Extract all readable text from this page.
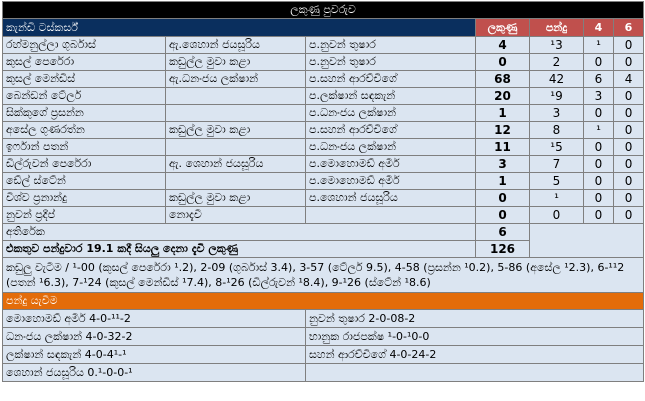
ලකුණු පුවරුව						
කැන්ඩි ටස්කර්ස්			ලකුණු	පන්දු	4	6
රහ්මනුල්ලා ගුර්බාස්	ඇ.ශෙහාන් ජයසූරිය	ප.නුවන් තුෂාර	4	¹3	¹	0
කුසල් පෙරේරා	කඩුල්ල මුවා කළා	ප.නුවන් තුෂාර	0	2	0	0
කුසල් මෙන්ඩිස්	ඇ.ධනංජය ලක්ෂාන්	ප.සහන් ආරච්චිගේ	68	42	6	4
බෙන්ඩන් ටේලර්		ප.ලක්ෂාන් සඳකැන්	20	¹9	3	0
සික්කුගේ ප්‍රසන්න		ප.ධනංජය ලක්ෂාන්	1	3	0	0
අසේල ගුණරත්න	කඩුල්ල මුවා කළා	ප.සහන් ආරච්චිගේ	12	8	¹	0
ඉර්ෆාන් පතන්		ප.ධනංජය ලක්ෂාන්	11	¹5	0	0
ඩිල්රුවන් පෙරේරා	ඇ. ශෙහාන් ජයසූරිය	ප.මොහොමඩ් අමීර්	3	7	0	0
ඩේල් ස්ටේන්		ප.මොහොමඩ් අමීර්	1	5	0	0
විශ්ව ප්‍රනාන්දු	කඩුල්ල මුවා කළා	ප.ශෙහාන් ජයසූරිය	0	¹	0	0
නුවන් ප්‍රදීප්	නොදැවී		0	0	0	0
අතිරේක			6			
එකතුව පන්දුවාර 19.1 කදී සියලු දෙනා දැවී ලකුණු			126			
කඩුලු වැටීම / ¹-00 (කුසල් පෙරේරා ¹.2), 2-09 (ගුර්බාස් 3.4), 3-57 (ටේලර් 9.5), 4-58 (ප්‍රසන්න ¹0.2), 5-86 (අසේල ¹2.3), 6-¹¹2 (පතන් ¹6.3), 7-¹24 (කුසල් මෙන්ඩිස් ¹7.4), 8-¹26 (ඩිල්රුවන් ¹8.4), 9-¹26 (ස්ටේන් ¹8.6)						
පන්දු යැවීම						
මොහොමඩ් අමීර් 4-0-¹¹-2		නුවන් තුෂාර 2-0-08-2				
ධනංජය ලක්ෂාන් 4-0-32-2		භානුක රාජපක්ෂ ¹-0-¹0-0				
ලක්ෂාන් සඳකැන් 4-0-4¹-¹		සහන් ආරච්චිගේ 4-0-24-2				
ශෙහාන් ජයසූරිය 0.¹-0-0-¹						
